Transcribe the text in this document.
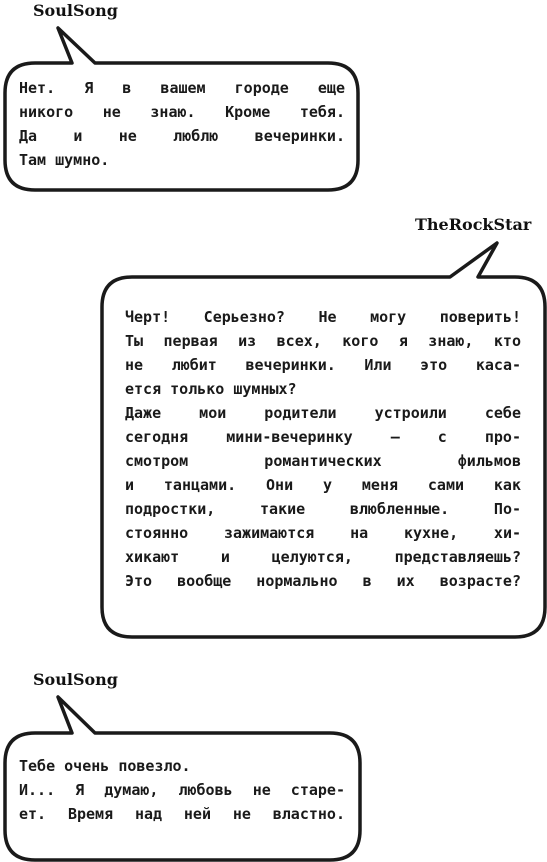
SoulSong
Нет. Я в вашем городе еще
никого не знаю. Кроме тебя.
Да и не люблю вечеринки.
Там шумно.
TheRockStar
Черт! Серьезно? Не могу поверить!
Ты первая из всех, кого я знаю, кто
не любит вечеринки. Или это каса-
ется только шумных?
Даже мои родители устроили себе
сегодня мини-вечеринку — с про-
смотром романтических фильмов
и танцами. Они у меня сами как
подростки, такие влюбленные. По-
стоянно зажимаются на кухне, хи-
хикают и целуются, представляешь?
Это вообще нормально в их возрасте?
SoulSong
Тебе очень повезло.
И... Я думаю, любовь не старе-
ет. Время над ней не властно.
